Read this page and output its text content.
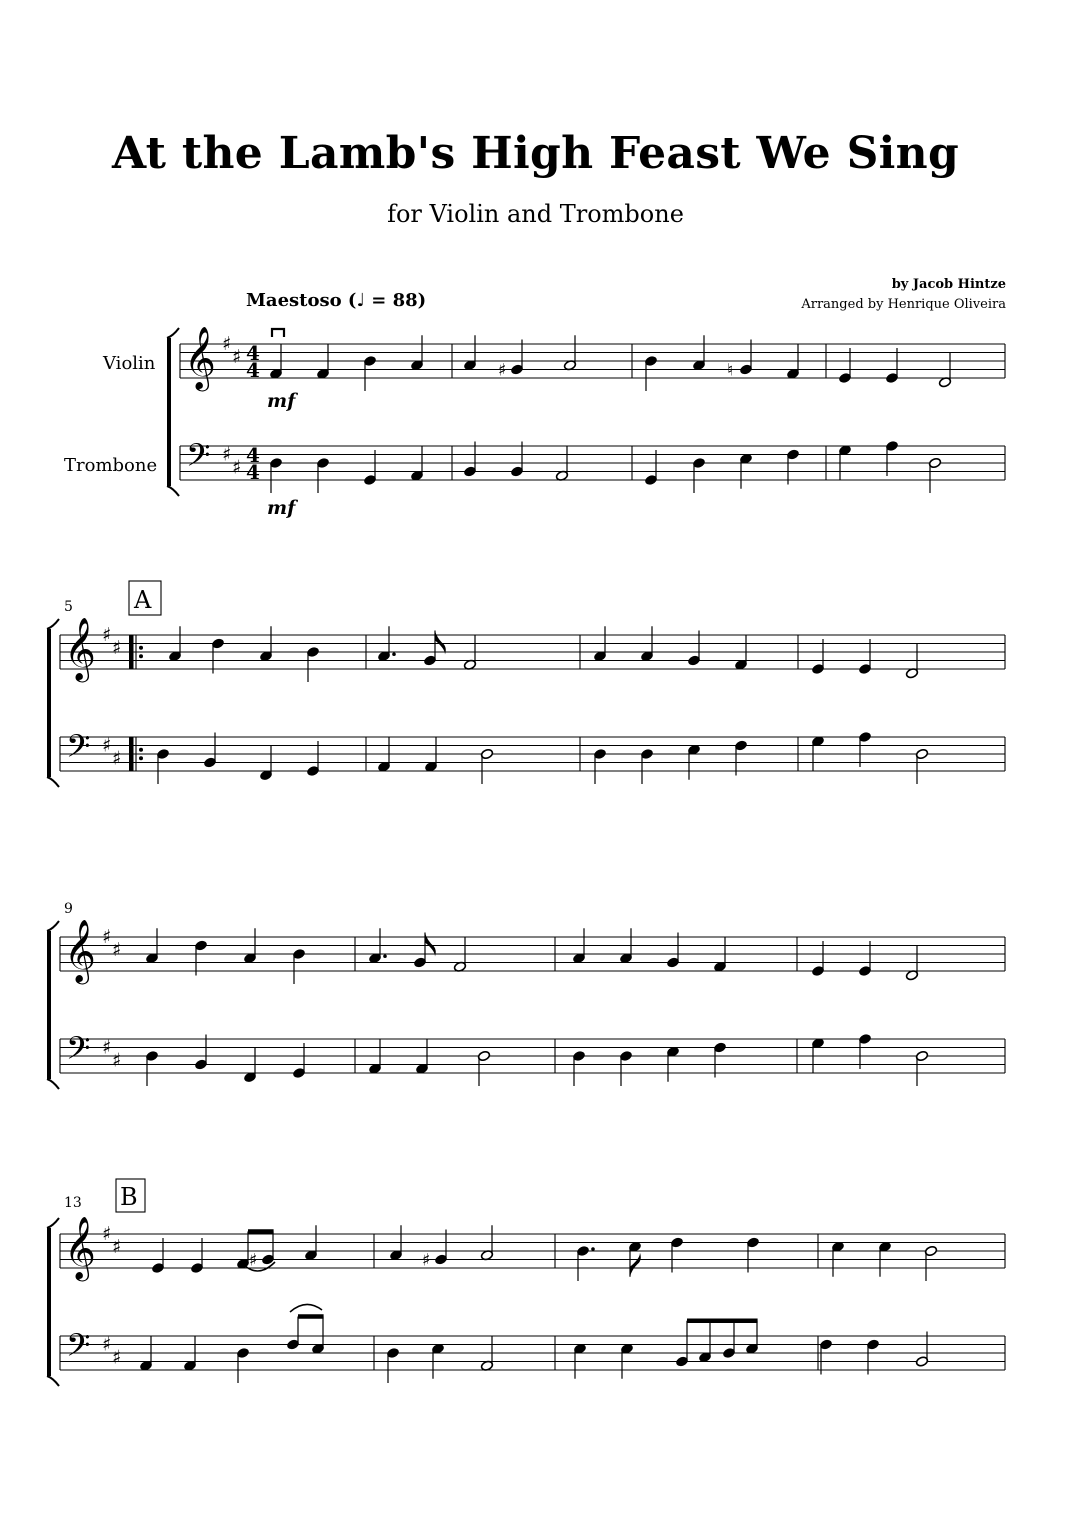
At the Lamb's High Feast We Sing
for Violin and Trombone
by Jacob Hintze
Arranged by Henrique Oliveira
Maestoso (♩ = 88)
𝄞
𝄢
♯
♯
♯
♯
4
4
4
4
♯	♮
𝄞
𝄢
♯
♯
♯
♯
𝄞
𝄢
♯
♯
♯
♯
𝄞
𝄢
♯
♯
♯
♯
♯	♯
Violin
Trombone
mf
mf
5
9
13
A
B
